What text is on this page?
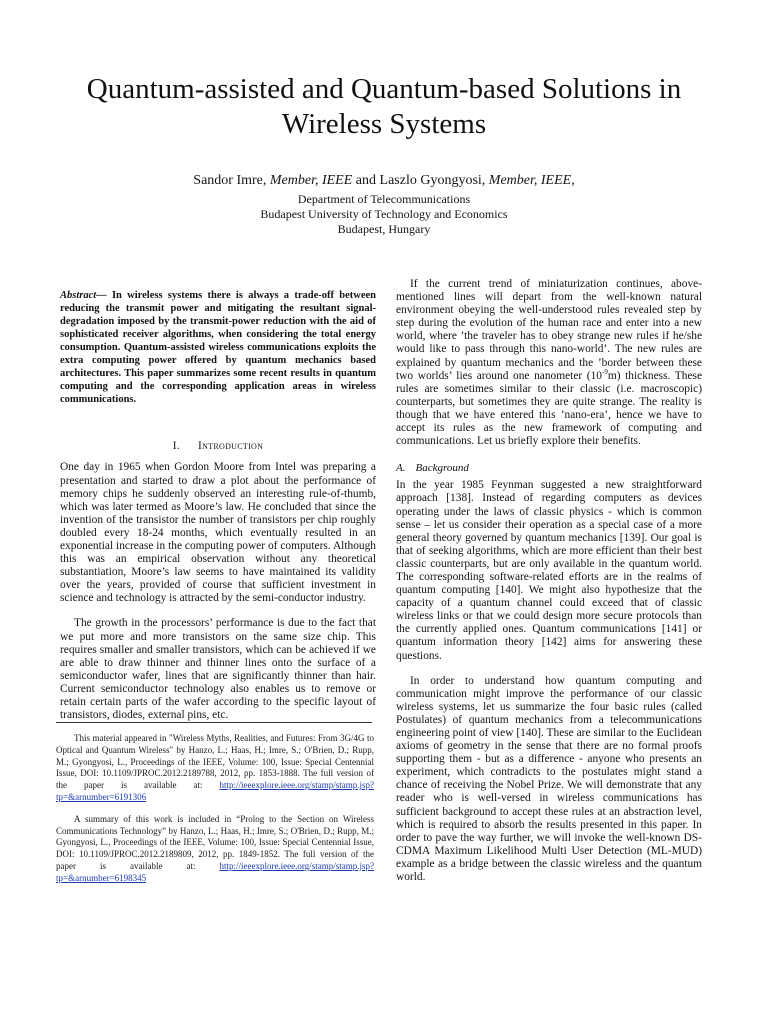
Quantum-assisted and Quantum-based Solutions in
Wireless Systems
Sandor Imre, Member, IEEE and Laszlo Gyongyosi, Member, IEEE,
Department of Telecommunications
Budapest University of Technology and Economics
Budapest, Hungary

Abstract— In wireless systems there is always a trade-off between reducing the transmit power and mitigating the resultant signal-degradation imposed by the transmit-power reduction with the aid of sophisticated receiver algorithms, when considering the total energy consumption. Quantum-assisted wireless communications exploits the extra computing power offered by quantum mechanics based architectures. This paper summarizes some recent results in quantum computing and the corresponding application areas in wireless communications.

I. Introduction

One day in 1965 when Gordon Moore from Intel was preparing a presentation and started to draw a plot about the performance of memory chips he suddenly observed an interesting rule-of-thumb, which was later termed as Moore’s law. He concluded that since the invention of the transistor the number of transistors per chip roughly doubled every 18-24 months, which eventually resulted in an exponential increase in the computing power of computers. Although this was an empirical observation without any theoretical substantiation, Moore’s law seems to have maintained its validity over the years, provided of course that sufficient investment in science and technology is attracted by the semi-conductor industry.

The growth in the processors’ performance is due to the fact that we put more and more transistors on the same size chip. This requires smaller and smaller transistors, which can be achieved if we are able to draw thinner and thinner lines onto the surface of a semiconductor wafer, lines that are significantly thinner than hair. Current semiconductor technology also enables us to remove or retain certain parts of the wafer according to the specific layout of transistors, diodes, external pins, etc.

This material appeared in "Wireless Myths, Realities, and Futures: From 3G/4G to Optical and Quantum Wireless" by Hanzo, L.; Haas, H.; Imre, S.; O'Brien, D.; Rupp, M.; Gyongyosi, L., Proceedings of the IEEE, Volume: 100, Issue: Special Centennial Issue, DOI: 10.1109/JPROC.2012.2189788, 2012, pp. 1853-1888. The full version of the paper is available at: http://ieeexplore.ieee.org/stamp/stamp.jsp?tp=&arnumber=6191306

A summary of this work is included in “Prolog to the Section on Wireless Communications Technology” by Hanzo, L.; Haas, H.; Imre, S.; O'Brien, D.; Rupp, M.; Gyongyosi, L., Proceedings of the IEEE, Volume: 100, Issue: Special Centennial Issue, DOI: 10.1109/JPROC.2012.2189809, 2012, pp. 1849-1852. The full version of the paper is available at: http://ieeexplore.ieee.org/stamp/stamp.jsp?tp=&arnumber=6198345

If the current trend of miniaturization continues, above-mentioned lines will depart from the well-known natural environment obeying the well-understood rules revealed step by step during the evolution of the human race and enter into a new world, where ’the traveler has to obey strange new rules if he/she would like to pass through this nano-world’. The new rules are explained by quantum mechanics and the ’border between these two worlds’ lies around one nanometer $(10^{-9}m)$ thickness. These rules are sometimes similar to their classic (i.e. macroscopic) counterparts, but sometimes they are quite strange. The reality is though that we have entered this ’nano-era’, hence we have to accept its rules as the new framework of computing and communications. Let us briefly explore their benefits.

A. Background

In the year 1985 Feynman suggested a new straightforward approach [138]. Instead of regarding computers as devices operating under the laws of classic physics - which is common sense – let us consider their operation as a special case of a more general theory governed by quantum mechanics [139]. Our goal is that of seeking algorithms, which are more efficient than their best classic counterparts, but are only available in the quantum world. The corresponding software-related efforts are in the realms of quantum computing [140]. We might also hypothesize that the capacity of a quantum channel could exceed that of classic wireless links or that we could design more secure protocols than the currently applied ones. Quantum communications [141] or quantum information theory [142] aims for answering these questions.

In order to understand how quantum computing and communication might improve the performance of our classic wireless systems, let us summarize the four basic rules (called Postulates) of quantum mechanics from a telecommunications engineering point of view [140]. These are similar to the Euclidean axioms of geometry in the sense that there are no formal proofs supporting them - but as a difference - anyone who presents an experiment, which contradicts to the postulates might stand a chance of receiving the Nobel Prize. We will demonstrate that any reader who is well-versed in wireless communications has sufficient background to accept these rules at an abstraction level, which is required to absorb the results presented in this paper. In order to pave the way further, we will invoke the well-known DS-CDMA Maximum Likelihood Multi User Detection (ML-MUD) example as a bridge between the classic wireless and the quantum world.
